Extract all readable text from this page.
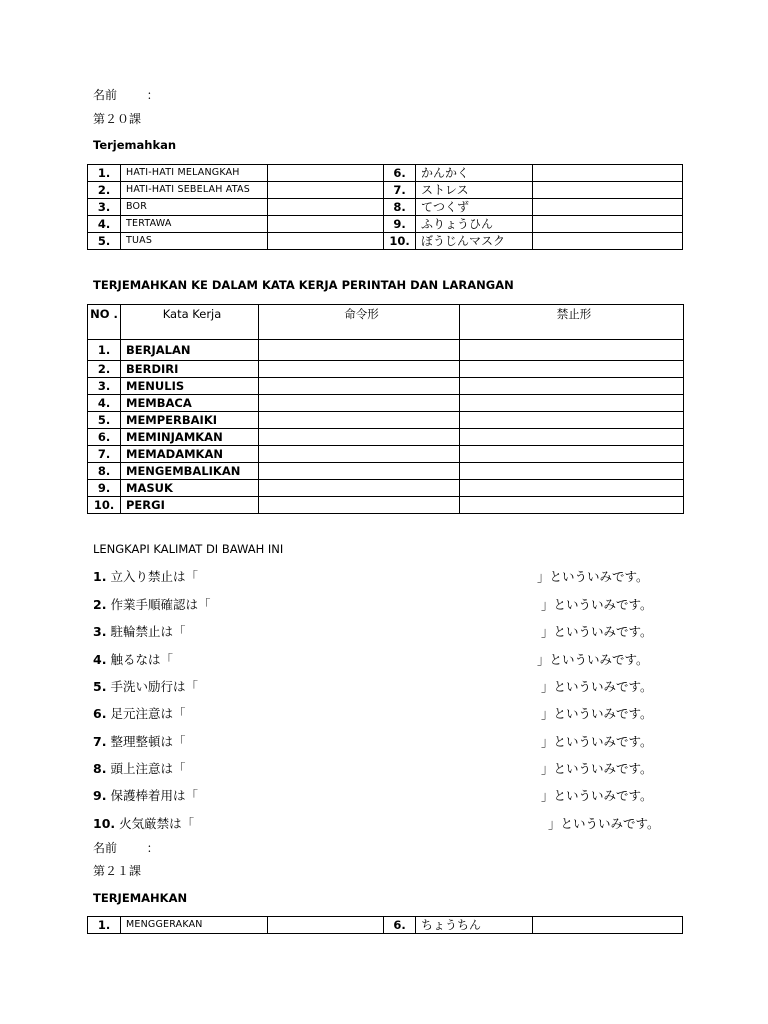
名前 ：
第２０課
Terjemahkan
1.	HATI-HATI MELANGKAH		6.	かんかく	
2.	HATI-HATI SEBELAH ATAS		7.	ストレス	
3.	BOR		8.	てつくず	
4.	TERTAWA		9.	ふりょうひん	
5.	TUAS		10.	ぼうじんマスク	
TERJEMAHKAN KE DALAM KATA KERJA PERINTAH DAN LARANGAN
NO .	Kata Kerja	命令形	禁止形
1.	BERJALAN		
2.	BERDIRI		
3.	MENULIS		
4.	MEMBACA		
5.	MEMPERBAIKI		
6.	MEMINJAMKAN		
7.	MEMADAMKAN		
8.	MENGEMBALIKAN		
9.	MASUK		
10.	PERGI		
LENGKAPI KALIMAT DI BAWAH INI
1. 立入り禁止は「	」といういみです。
2. 作業手順確認は「	」といういみです。
3. 駐輪禁止は「	」といういみです。
4. 触るなは「	」といういみです。
5. 手洗い励行は「	」といういみです。
6. 足元注意は「	」といういみです。
7. 整理整頓は「	」といういみです。
8. 頭上注意は「	」といういみです。
9. 保護棒着用は「	」といういみです。
10. 火気厳禁は「	」といういみです。
名前 ：
第２１課
TERJEMAHKAN
1.	MENGGERAKAN		6.	ちょうちん	
